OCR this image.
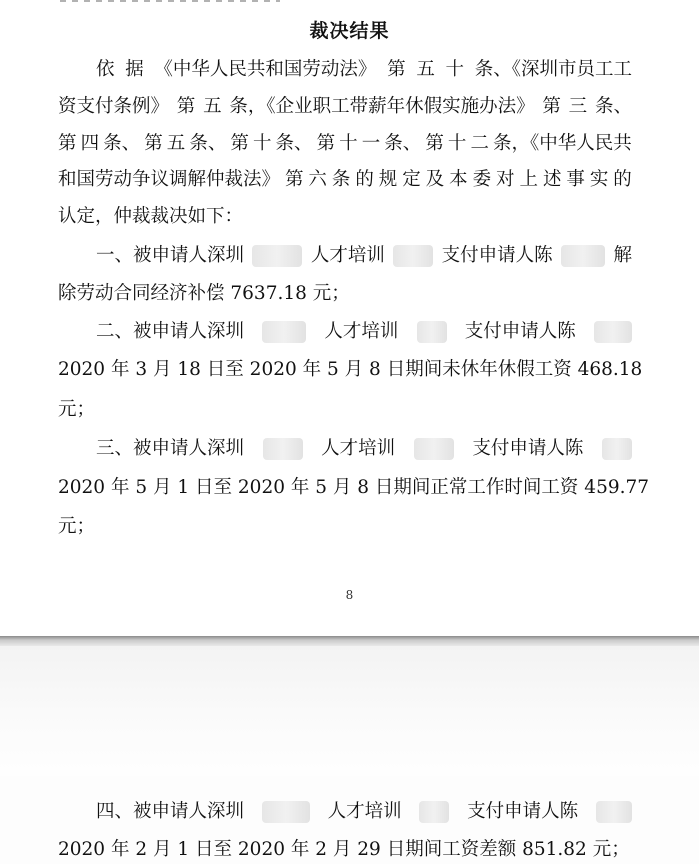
裁决结果
依 据 《中华人民共和国劳动法》 第 五 十 条、《深圳市员工工
资支付条例》 第 五 条，《企业职工带薪年休假实施办法》 第 三 条、
第 四 条、 第 五 条、 第 十 条、 第 十 一 条、 第 十 二 条，《中华人民共
和国劳动争议调解仲裁法》 第 六 条 的 规 定 及 本 委 对 上 述 事 实 的
认定，仲裁裁决如下：
一、被申请人深圳	人才培训	支付申请人陈	解
除劳动合同经济补偿 7637.18 元；
二、被申请人深圳	人才培训	支付申请人陈
2020 年 3 月 18 日至 2020 年 5 月 8 日期间未休年休假工资 468.18
元；
三、被申请人深圳	人才培训	支付申请人陈
2020 年 5 月 1 日至 2020 年 5 月 8 日期间正常工作时间工资 459.77
元；
8
四、被申请人深圳	人才培训	支付申请人陈
2020 年 2 月 1 日至 2020 年 2 月 29 日期间工资差额 851.82 元；
